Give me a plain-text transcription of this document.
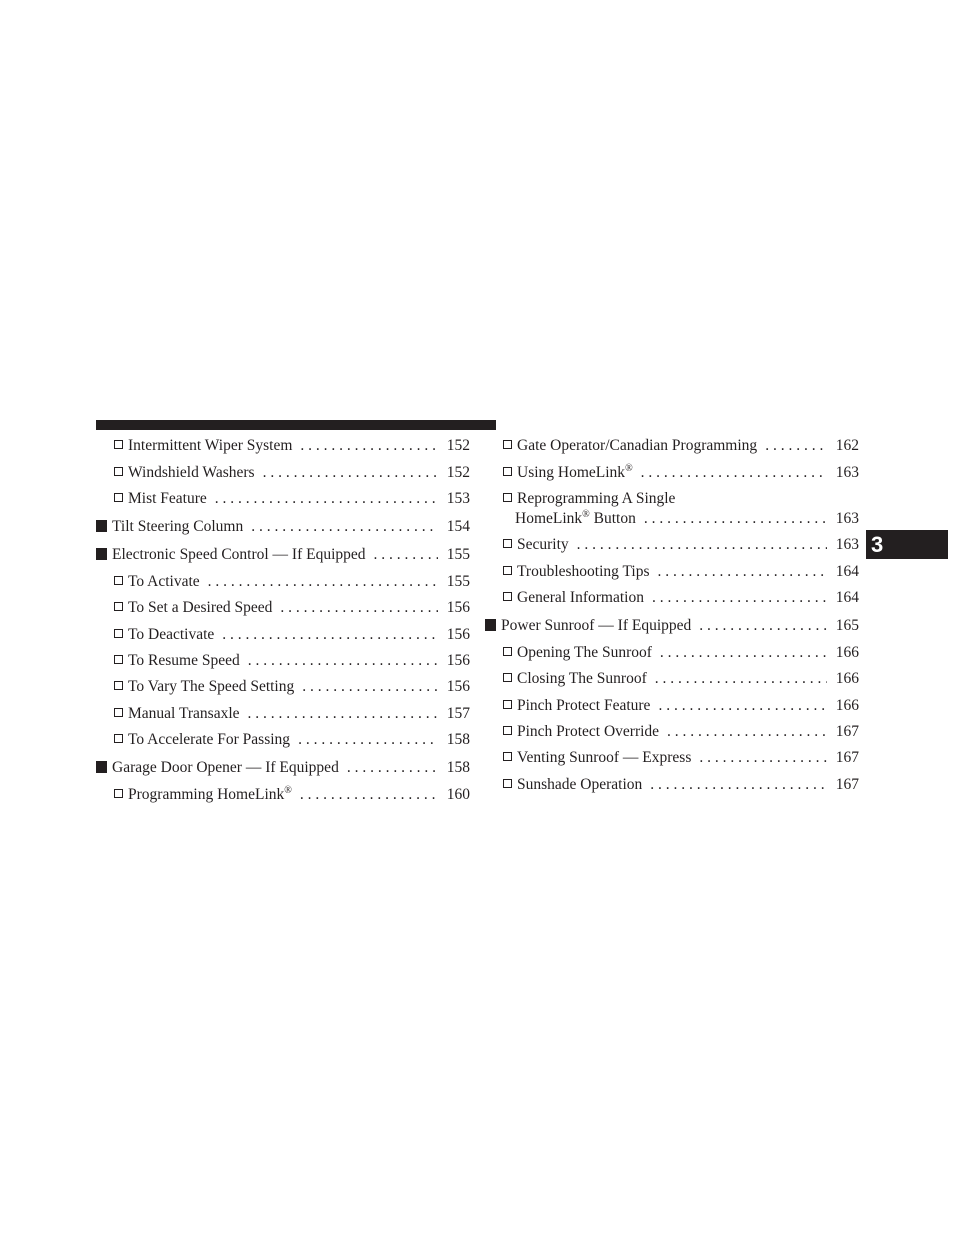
Intermittent Wiper System . . .	152
Windshield Washers . . .	152
Mist Feature . . .	153
Tilt Steering Column . . .	154
Electronic Speed Control — If Equipped . . .	155
To Activate . . .	155
To Set a Desired Speed . . .	156
To Deactivate . . .	156
To Resume Speed . . .	156
To Vary The Speed Setting . . .	156
Manual Transaxle . . .	157
To Accelerate For Passing . . .	158
Garage Door Opener — If Equipped . . .	158
Programming HomeLink® . . .	160
Gate Operator/Canadian Programming . . .	162
Using HomeLink® . . .	163
Reprogramming A Single
HomeLink® Button . . .	163
Security . . .	163
Troubleshooting Tips . . .	164
General Information . . .	164
Power Sunroof — If Equipped . . .	165
Opening The Sunroof . . .	166
Closing The Sunroof . . .	166
Pinch Protect Feature . . .	166
Pinch Protect Override . . .	167
Venting Sunroof — Express . . .	167
Sunshade Operation . . .	167
3
